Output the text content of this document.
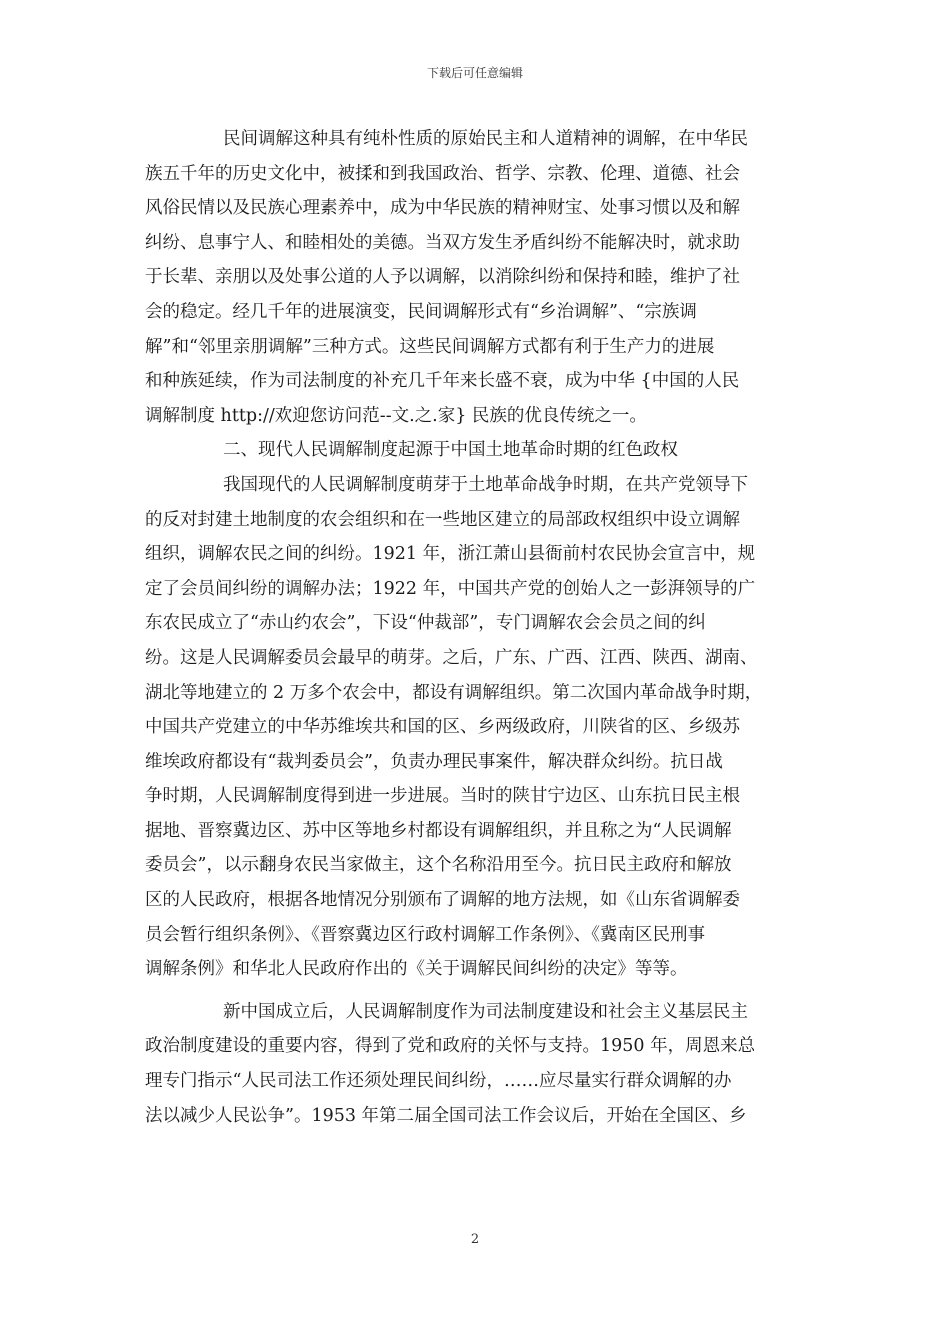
下载后可任意编辑

民间调解这种具有纯朴性质的原始民主和人道精神的调解，在中华民
族五千年的历史文化中，被揉和到我国政治、哲学、宗教、伦理、道德、社会
风俗民情以及民族心理素养中，成为中华民族的精神财宝、处事习惯以及和解
纠纷、息事宁人、和睦相处的美德。当双方发生矛盾纠纷不能解决时，就求助
于长辈、亲朋以及处事公道的人予以调解，以消除纠纷和保持和睦，维护了社
会的稳定。经几千年的进展演变，民间调解形式有“乡治调解”、“宗族调
解”和“邻里亲朋调解”三种方式。这些民间调解方式都有利于生产力的进展
和种族延续，作为司法制度的补充几千年来长盛不衰，成为中华 {中国的人民
调解制度 http://欢迎您访问范--文.之.家} 民族的优良传统之一。

二、现代人民调解制度起源于中国土地革命时期的红色政权

我国现代的人民调解制度萌芽于土地革命战争时期，在共产党领导下
的反对封建土地制度的农会组织和在一些地区建立的局部政权组织中设立调解
组织，调解农民之间的纠纷。1921 年，浙江萧山县衙前村农民协会宣言中，规
定了会员间纠纷的调解办法；1922 年，中国共产党的创始人之一彭湃领导的广
东农民成立了“赤山约农会”，下设“仲裁部”，专门调解农会会员之间的纠
纷。这是人民调解委员会最早的萌芽。之后，广东、广西、江西、陕西、湖南、
湖北等地建立的 2 万多个农会中，都设有调解组织。第二次国内革命战争时期，
中国共产党建立的中华苏维埃共和国的区、乡两级政府，川陕省的区、乡级苏
维埃政府都设有“裁判委员会”，负责办理民事案件，解决群众纠纷。抗日战
争时期，人民调解制度得到进一步进展。当时的陕甘宁边区、山东抗日民主根
据地、晋察冀边区、苏中区等地乡村都设有调解组织，并且称之为“人民调解
委员会”，以示翻身农民当家做主，这个名称沿用至今。抗日民主政府和解放
区的人民政府，根据各地情况分别颁布了调解的地方法规，如《山东省调解委
员会暂行组织条例》、《晋察冀边区行政村调解工作条例》、《冀南区民刑事
调解条例》和华北人民政府作出的《关于调解民间纠纷的决定》等等。

新中国成立后，人民调解制度作为司法制度建设和社会主义基层民主
政治制度建设的重要内容，得到了党和政府的关怀与支持。1950 年，周恩来总
理专门指示“人民司法工作还须处理民间纠纷，……应尽量实行群众调解的办
法以减少人民讼争”。1953 年第二届全国司法工作会议后，开始在全国区、乡

2
